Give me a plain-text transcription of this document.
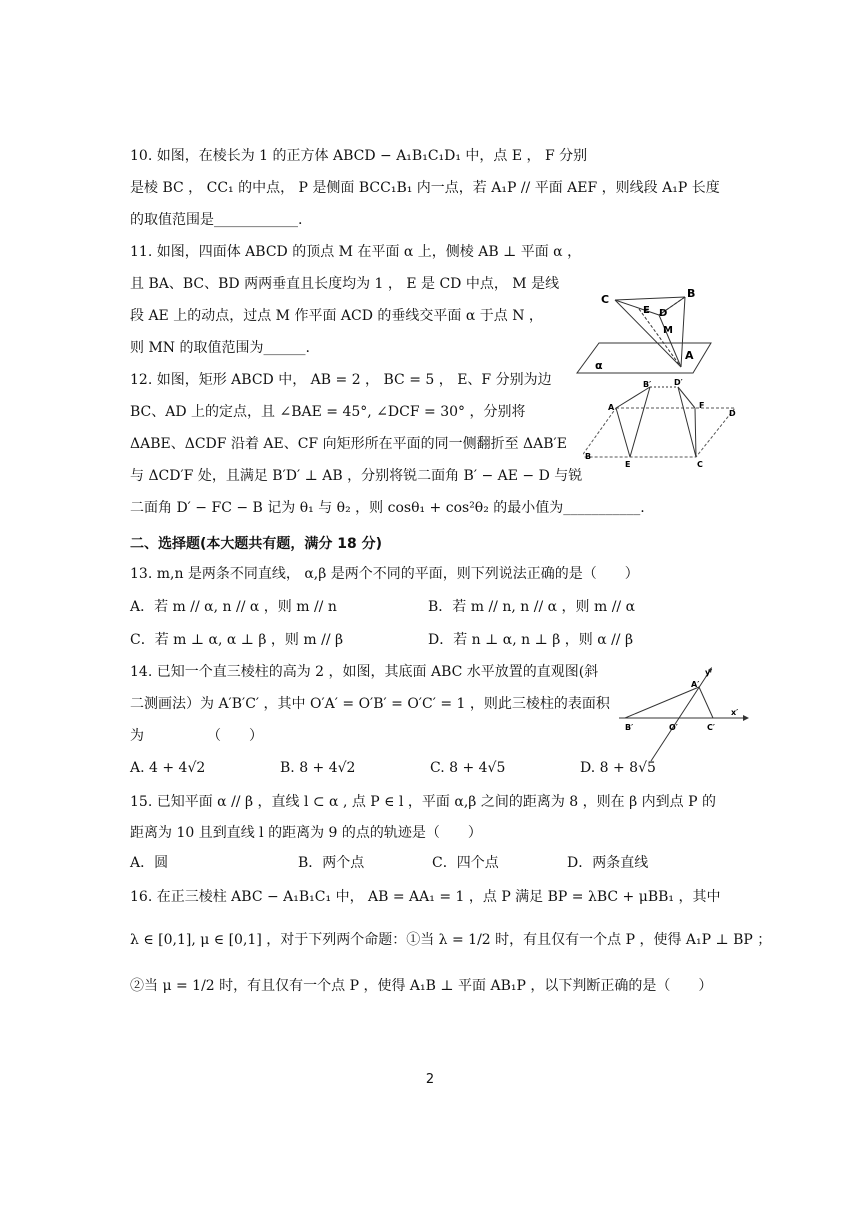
10. 如图，在棱长为 1 的正方体 ABCD − A₁B₁C₁D₁ 中，点 E ， F 分别
是棱 BC ， CC₁ 的中点， P 是侧面 BCC₁B₁ 内一点，若 A₁P // 平面 AEF ，则线段 A₁P 长度
的取值范围是____________.
11. 如图，四面体 ABCD 的顶点 M 在平面 α 上，侧棱 AB ⊥ 平面 α ，
且 BA、BC、BD 两两垂直且长度均为 1 ， E 是 CD 中点， M 是线
段 AE 上的动点，过点 M 作平面 ACD 的垂线交平面 α 于点 N ，
则 MN 的取值范围为______.
C	B
E D
M
A
α
12. 如图，矩形 ABCD 中， AB = 2 ， BC = 5 ， E、F 分别为边
BC、AD 上的定点，且 ∠BAE = 45°, ∠DCF = 30° ，分别将
ΔABE、ΔCDF 沿着 AE、CF 向矩形所在平面的同一侧翻折至 ΔAB′E
与 ΔCD′F 处，且满足 B′D′ ⊥ AB ，分别将锐二面角 B′ − AE − D 与锐
二面角 D′ − FC − B 记为 θ₁ 与 θ₂ ，则 cosθ₁ + cos²θ₂ 的最小值为___________.
B′	D′
A	F
D
B
E	C
二、选择题(本大题共有题，满分 18 分)
13. m,n 是两条不同直线， α,β 是两个不同的平面，则下列说法正确的是（　　）
A．若 m // α, n // α ，则 m // n	B．若 m // n, n // α ，则 m // α
C．若 m ⊥ α, α ⊥ β ，则 m // β	D．若 n ⊥ α, n ⊥ β ，则 α // β
14. 已知一个直三棱柱的高为 2 ，如图，其底面 ABC 水平放置的直观图(斜
二测画法）为 A′B′C′ ，其中 O′A′ = O′B′ = O′C′ = 1 ，则此三棱柱的表面积
为　　　　　（　　）
y′
A′
x′
B′	O′	C′
A. 4 + 4√2	B. 8 + 4√2	C. 8 + 4√5	D. 8 + 8√5
15. 已知平面 α // β ，直线 l ⊂ α , 点 P ∈ l ，平面 α,β 之间的距离为 8 ，则在 β 内到点 P 的
距离为 10 且到直线 l 的距离为 9 的点的轨迹是（　　）
A．圆	B．两个点	C．四个点	D．两条直线
16. 在正三棱柱 ABC − A₁B₁C₁ 中， AB = AA₁ = 1 ，点 P 满足 BP = λBC + μBB₁ ，其中
λ ∈ [0,1], μ ∈ [0,1] ，对于下列两个命题：①当 λ = 1/2 时，有且仅有一个点 P ，使得 A₁P ⊥ BP ；
②当 μ = 1/2 时，有且仅有一个点 P ，使得 A₁B ⊥ 平面 AB₁P ，以下判断正确的是（　　）
2
